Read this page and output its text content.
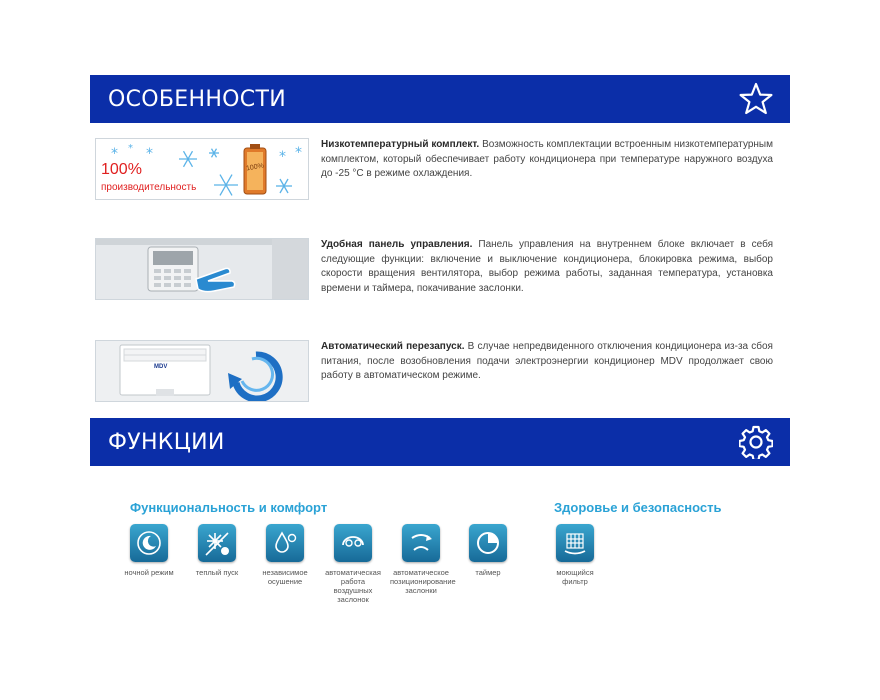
ОСОБЕННОСТИ
* *	* *
*
100%
производительность
100%
Низкотемпературный комплект. Возможность комплектации встроенным низкотемпературным комплектом, который обеспечивает работу кондиционера при температуре наружного воздуха до -25 °С в режиме охлаждения.
Удобная панель управления. Панель управления на внутреннем блоке включает в себя следующие функции: включение и выключение кондиционера, блокировка режима, выбор скорости вращения вентилятора, выбор режима работы, заданная температура, установка времени и таймера, покачивание заслонки.
MDV
Автоматический перезапуск. В случае непредвиденного отключения кондиционера из-за сбоя питания, после возобновления подачи электроэнергии кондиционер MDV продолжает свою работу в автоматическом режиме.
ФУНКЦИИ
Функциональность и комфорт	Здоровье и безопасность
ночной режим	теплый пуск	независимое осушение
автоматическая работа воздушных заслонок
автоматическое позиционирование заслонки
таймер	моющийся фильтр
